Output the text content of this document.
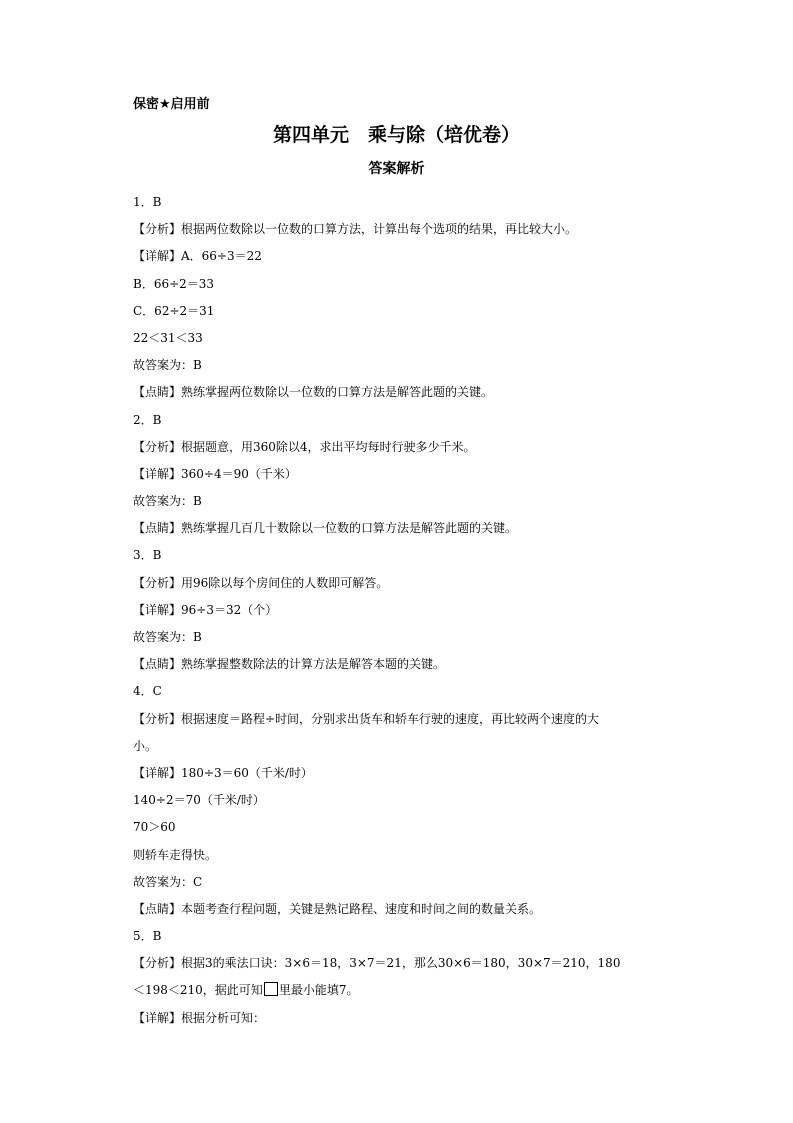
保密★启用前
第四单元　乘与除（培优卷）
答案解析
1．B
【分析】根据两位数除以一位数的口算方法，计算出每个选项的结果，再比较大小。
【详解】A．66÷3＝22
B．66÷2＝33
C．62÷2＝31
22＜31＜33
故答案为：B
【点睛】熟练掌握两位数除以一位数的口算方法是解答此题的关键。
2．B
【分析】根据题意，用360除以4，求出平均每时行驶多少千米。
【详解】360÷4＝90（千米）
故答案为：B
【点睛】熟练掌握几百几十数除以一位数的口算方法是解答此题的关键。
3．B
【分析】用96除以每个房间住的人数即可解答。
【详解】96÷3＝32（个）
故答案为：B
【点睛】熟练掌握整数除法的计算方法是解答本题的关键。
4．C
【分析】根据速度＝路程÷时间，分别求出货车和轿车行驶的速度，再比较两个速度的大
小。
【详解】180÷3＝60（千米/时）
140÷2＝70（千米/时）
70＞60
则轿车走得快。
故答案为：C
【点睛】本题考查行程问题，关键是熟记路程、速度和时间之间的数量关系。
5．B
【分析】根据3的乘法口诀：3×6＝18，3×7＝21，那么30×6＝180，30×7＝210，180
＜198＜210，据此可知 里最小能填7。
【详解】根据分析可知：
